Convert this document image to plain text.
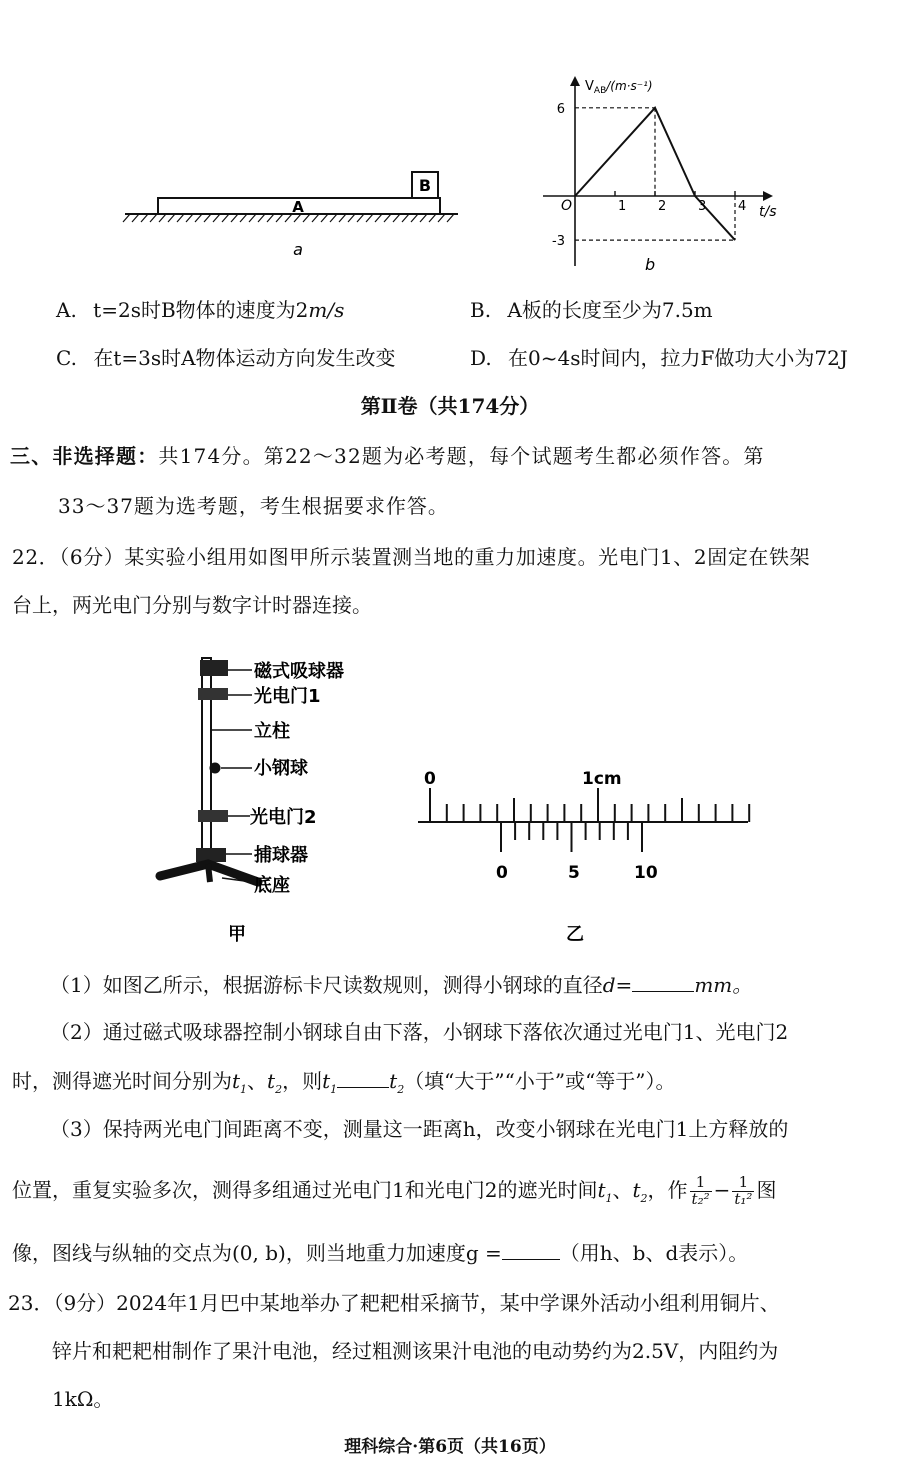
B
A
a
$V_{AB}/(m\cdot s^{-1})$
t/s
O	1 2 3 4
6
-3
b
A. t=2s时B物体的速度为2m/s	B. A板的长度至少为7.5m
C. 在t=3s时A物体运动方向发生改变	D. 在0~4s时间内，拉力F做功大小为72J
第Ⅱ卷（共174分）
三、非选择题：共174分。第22～32题为必考题，每个试题考生都必须作答。第
33～37题为选考题，考生根据要求作答。
22．（6分）某实验小组用如图甲所示装置测当地的重力加速度。光电门1、2固定在铁架
台上，两光电门分别与数字计时器连接。
磁式吸球器
光电门1
立柱
小钢球
光电门2
捕球器
底座
甲
0	1cm
0	5	10
乙
（1）如图乙所示，根据游标卡尺读数规则，测得小钢球的直径d=	mm。
（2）通过磁式吸球器控制小钢球自由下落，小钢球下落依次通过光电门1、光电门2
时，测得遮光时间分别为$t_1$、$t_2$，则$t_1$	$t_2$（填“大于”“小于”或“等于”）。
（3）保持两光电门间距离不变，测量这一距离h，改变小钢球在光电门1上方释放的
位置，重复实验多次，测得多组通过光电门1和光电门2的遮光时间$t_1$、$t_2$，作 $\frac{1}{\text{t₂²}} - \frac{1}{\text{t₁²}}$ 图
像，图线与纵轴的交点为(0, b)，则当地重力加速度g =	（用h、b、d表示）。
23．（9分）2024年1月巴中某地举办了耙耙柑采摘节，某中学课外活动小组利用铜片、
锌片和耙耙柑制作了果汁电池，经过粗测该果汁电池的电动势约为2.5V，内阻约为
1kΩ。
理科综合·第6页（共16页）
